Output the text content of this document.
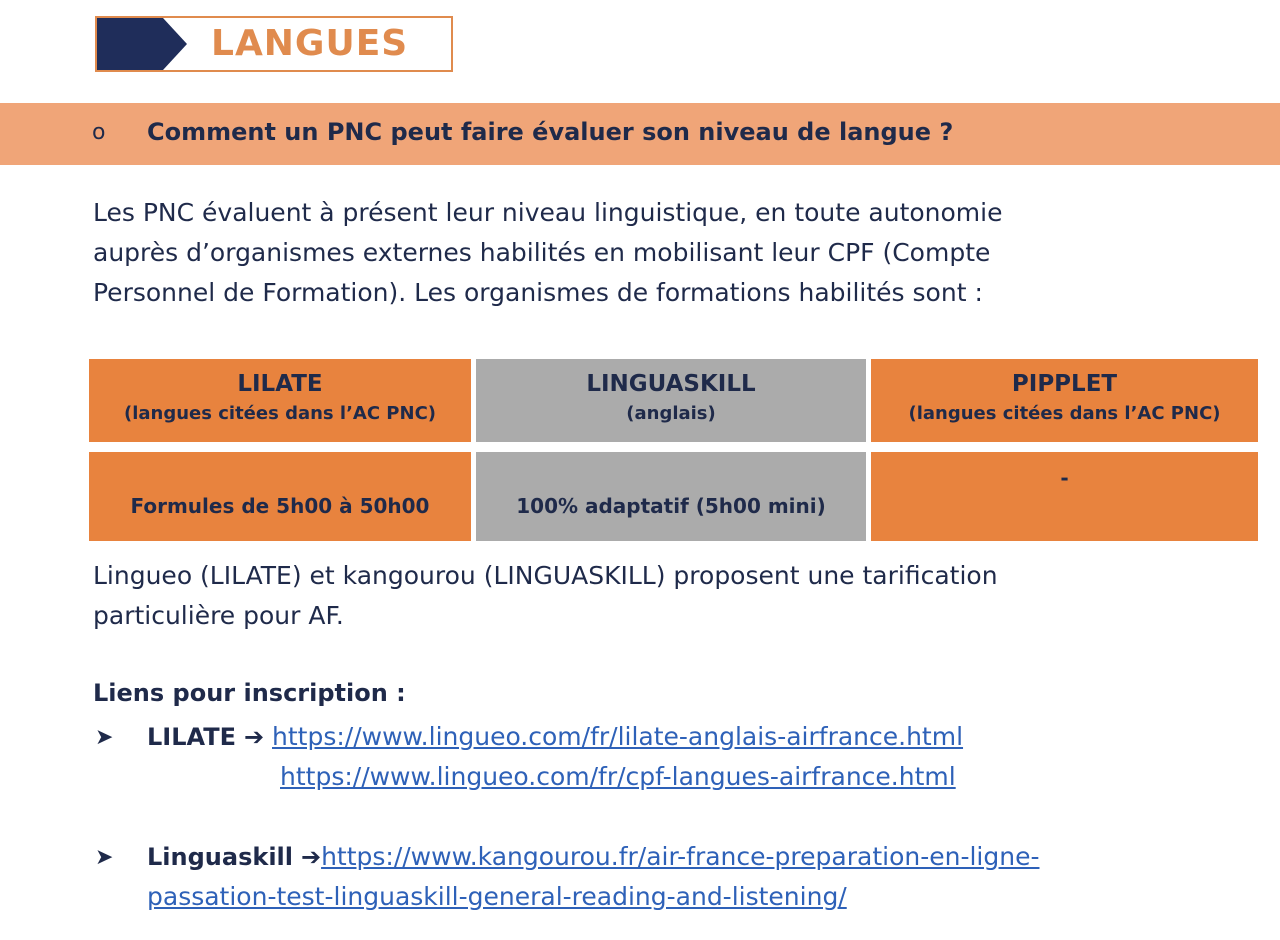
LANGUES
o Comment un PNC peut faire évaluer son niveau de langue ?
Les PNC évaluent à présent leur niveau linguistique, en toute autonomie
auprès d’organismes externes habilités en mobilisant leur CPF (Compte
Personnel de Formation). Les organismes de formations habilités sont :
LILATE
(langues citées dans l’AC PNC)
LINGUASKILL
(anglais)
PIPPLET
(langues citées dans l’AC PNC)
Formules de 5h00 à 50h00	100% adaptatif (5h00 mini)
-
Lingueo (LILATE) et kangourou (LINGUASKILL) proposent une tarification
particulière pour AF.
Liens pour inscription :
➤ LILATE ➔ https://www.lingueo.com/fr/lilate-anglais-airfrance.html
https://www.lingueo.com/fr/cpf-langues-airfrance.html
➤ Linguaskill ➔https://www.kangourou.fr/air-france-preparation-en-ligne-
passation-test-linguaskill-general-reading-and-listening/
